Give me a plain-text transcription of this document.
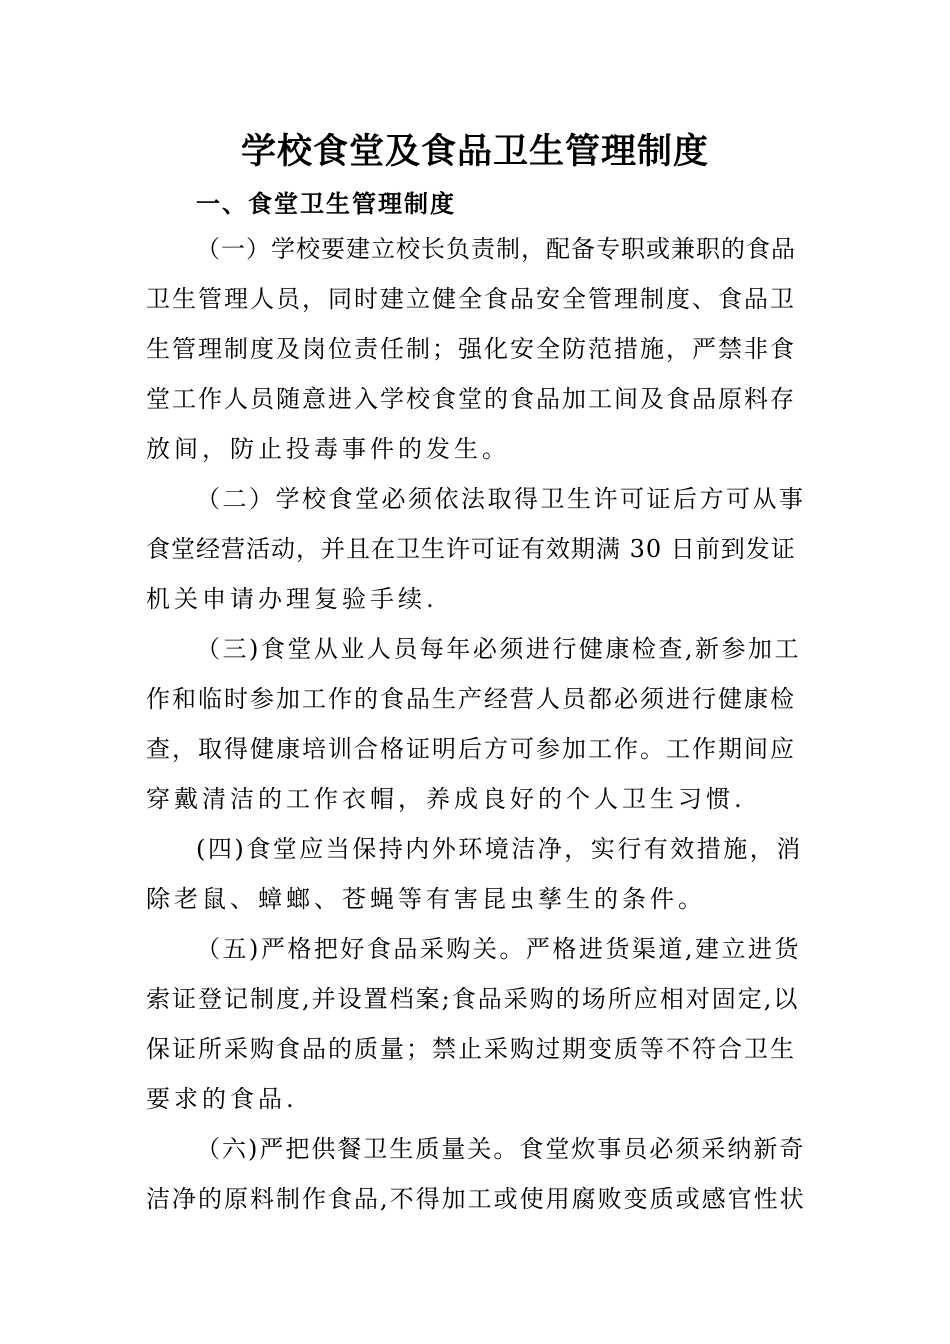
学校食堂及食品卫生管理制度
一、食堂卫生管理制度
（一）学校要建立校长负责制，配备专职或兼职的食品
卫生管理人员，同时建立健全食品安全管理制度、食品卫
生管理制度及岗位责任制；强化安全防范措施，严禁非食
堂工作人员随意进入学校食堂的食品加工间及食品原料存
放间，防止投毒事件的发生。
（二）学校食堂必须依法取得卫生许可证后方可从事
食堂经营活动，并且在卫生许可证有效期满 30 日前到发证
机关申请办理复验手续.
（三)食堂从业人员每年必须进行健康检查,新参加工
作和临时参加工作的食品生产经营人员都必须进行健康检
查，取得健康培训合格证明后方可参加工作。工作期间应
穿戴清洁的工作衣帽，养成良好的个人卫生习惯.
(四)食堂应当保持内外环境洁净，实行有效措施，消
除老鼠、蟑螂、苍蝇等有害昆虫孳生的条件。
（五)严格把好食品采购关。严格进货渠道,建立进货
索证登记制度,并设置档案;食品采购的场所应相对固定,以
保证所采购食品的质量；禁止采购过期变质等不符合卫生
要求的食品.
（六)严把供餐卫生质量关。食堂炊事员必须采纳新奇
洁净的原料制作食品,不得加工或使用腐败变质或感官性状
